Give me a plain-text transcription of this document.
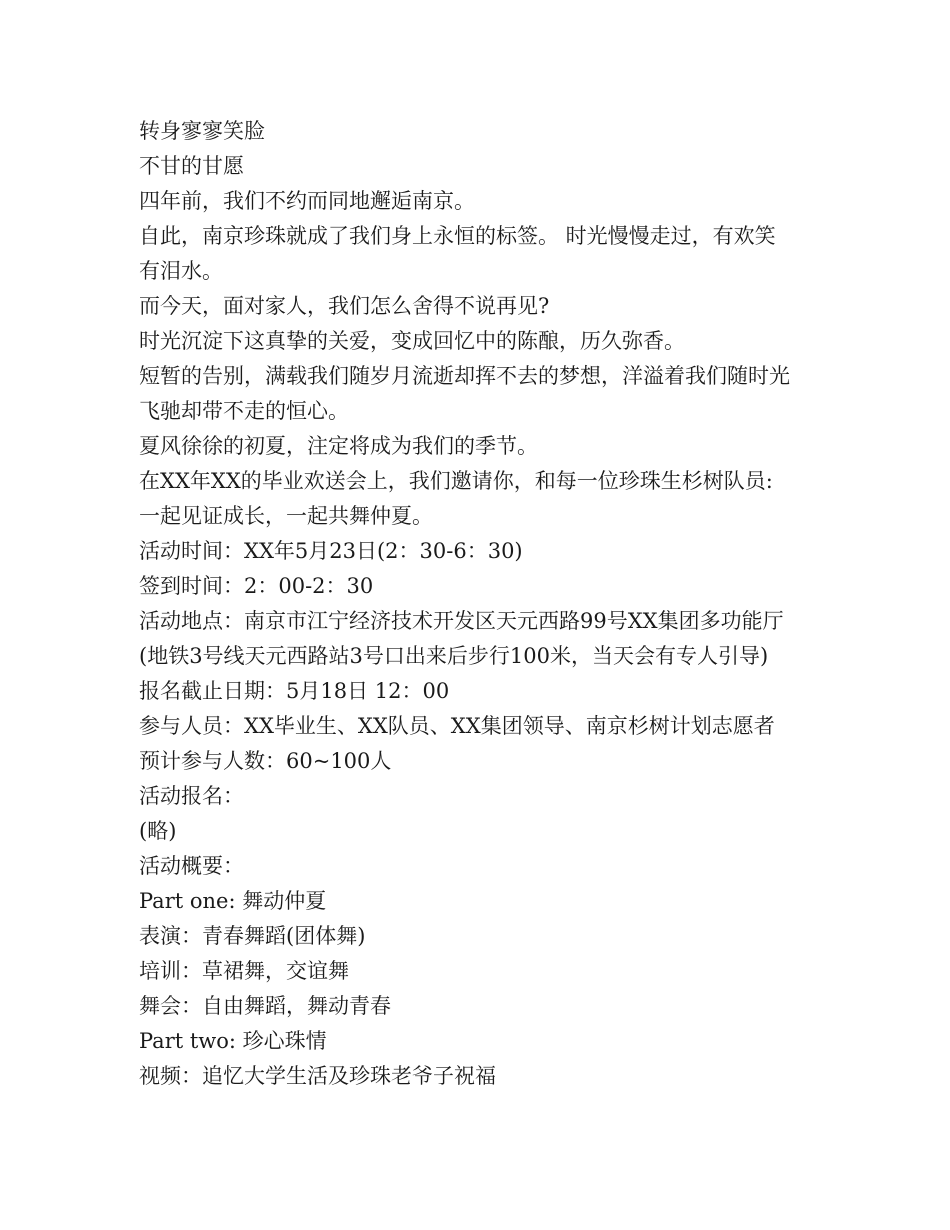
转身寥寥笑脸
不甘的甘愿
四年前，我们不约而同地邂逅南京。
自此，南京珍珠就成了我们身上永恒的标签。 时光慢慢走过，有欢笑
有泪水。
而今天，面对家人，我们怎么舍得不说再见?
时光沉淀下这真挚的关爱，变成回忆中的陈酿，历久弥香。
短暂的告别，满载我们随岁月流逝却挥不去的梦想，洋溢着我们随时光
飞驰却带不走的恒心。
夏风徐徐的初夏，注定将成为我们的季节。
在XX年XX的毕业欢送会上，我们邀请你，和每一位珍珠生杉树队员:
一起见证成长，一起共舞仲夏。
活动时间：XX年5月23日(2：30-6：30)
签到时间：2：00-2：30
活动地点：南京市江宁经济技术开发区天元西路99号XX集团多功能厅
(地铁3号线天元西路站3号口出来后步行100米，当天会有专人引导)
报名截止日期：5月18日 12：00
参与人员：XX毕业生、XX队员、XX集团领导、南京杉树计划志愿者
预计参与人数：60~100人
活动报名：
(略)
活动概要：
Part one: 舞动仲夏
表演：青春舞蹈(团体舞)
培训：草裙舞，交谊舞
舞会：自由舞蹈，舞动青春
Part two: 珍心珠情
视频：追忆大学生活及珍珠老爷子祝福
